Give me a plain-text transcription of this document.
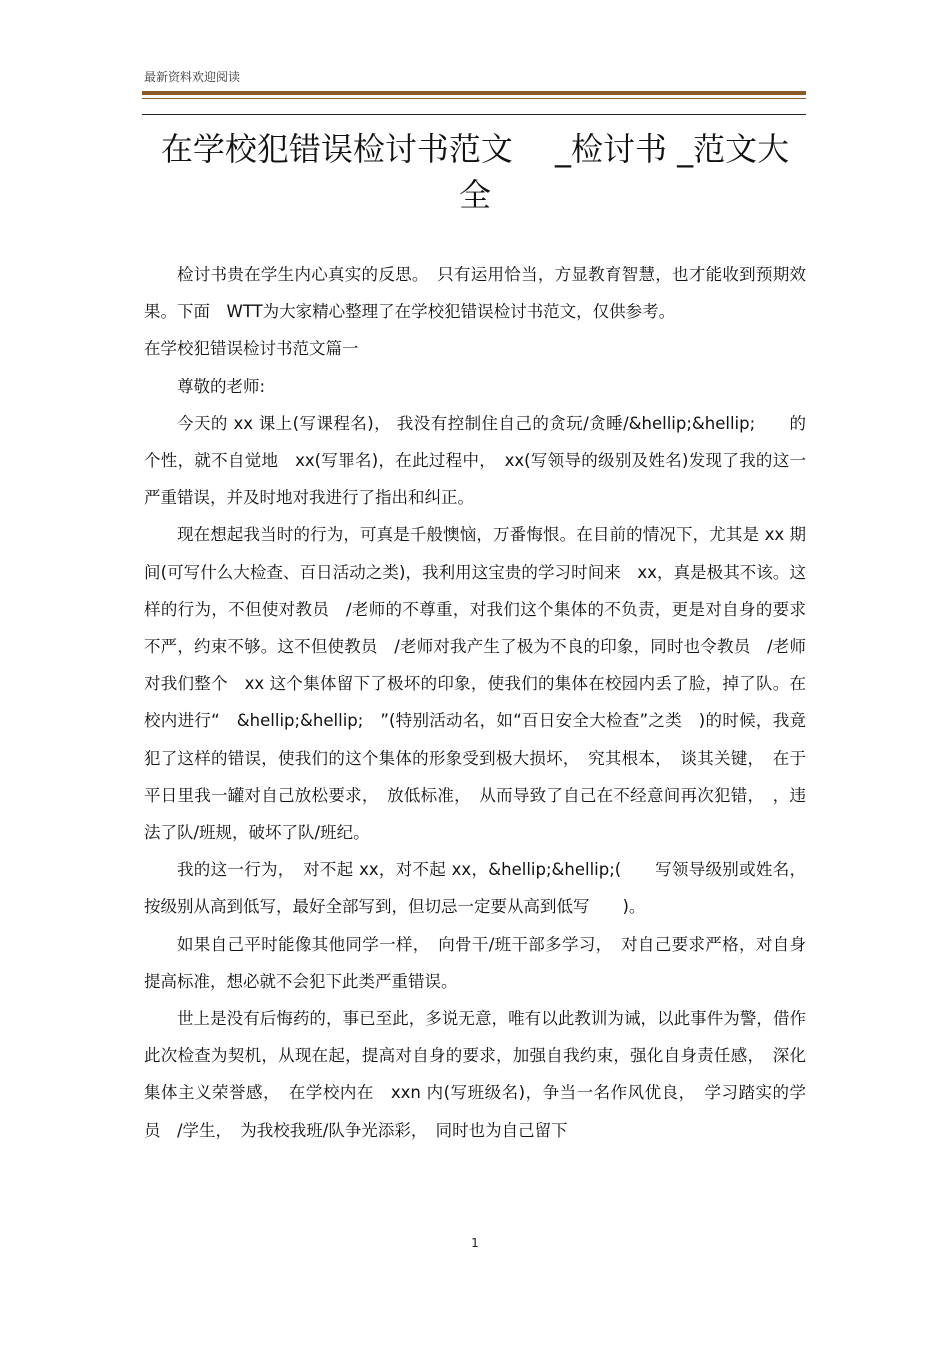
最新资料欢迎阅读
在学校犯错误检讨书范文　 _检讨书 _范文大
全

检讨书贵在学生内心真实的反思。　只有运用恰当，方显教育智慧，也才能收到预期效果。下面　WTT为大家精心整理了在学校犯错误检讨书范文，仅供参考。

在学校犯错误检讨书范文篇一

尊敬的老师:

今天的 xx 课上(写课程名)， 我没有控制住自己的贪玩/贪睡/&hellip;&hellip;　　的个性，就不自觉地　xx(写罪名)，在此过程中，　xx(写领导的级别及姓名)发现了我的这一严重错误，并及时地对我进行了指出和纠正。

现在想起我当时的行为，可真是千般懊恼，万番悔恨。在目前的情况下，尤其是 xx 期间(可写什么大检查、百日活动之类)，我利用这宝贵的学习时间来　xx，真是极其不该。这样的行为，不但使对教员　/老师的不尊重，对我们这个集体的不负责，更是对自身的要求不严，约束不够。这不但使教员　/老师对我产生了极为不良的印象，同时也令教员　/老师对我们整个　xx 这个集体留下了极坏的印象，使我们的集体在校园内丢了脸，掉了队。在校内进行“　&hellip;&hellip;　”(特别活动名，如“百日安全大检查”之类　)的时候，我竟犯了这样的错误，使我们的这个集体的形象受到极大损坏，　究其根本，　谈其关键，　在于平日里我一罐对自己放松要求，　放低标准，　从而导致了自己在不经意间再次犯错，　，违法了队/班规，破坏了队/班纪。

我的这一行为，　对不起 xx，对不起 xx，&hellip;&hellip;(　　写领导级别或姓名，按级别从高到低写，最好全部写到，但切忌一定要从高到低写　　)。

如果自己平时能像其他同学一样，　向骨干/班干部多学习，　对自己要求严格，对自身提高标准，想必就不会犯下此类严重错误。

世上是没有后悔药的，事已至此，多说无意，唯有以此教训为诫，以此事件为警，借作此次检查为契机，从现在起，提高对自身的要求，加强自我约束，强化自身责任感，　深化集体主义荣誉感，　在学校内在　xxn 内(写班级名)，争当一名作风优良，　学习踏实的学员　/学生，　为我校我班/队争光添彩，　同时也为自己留下

1
